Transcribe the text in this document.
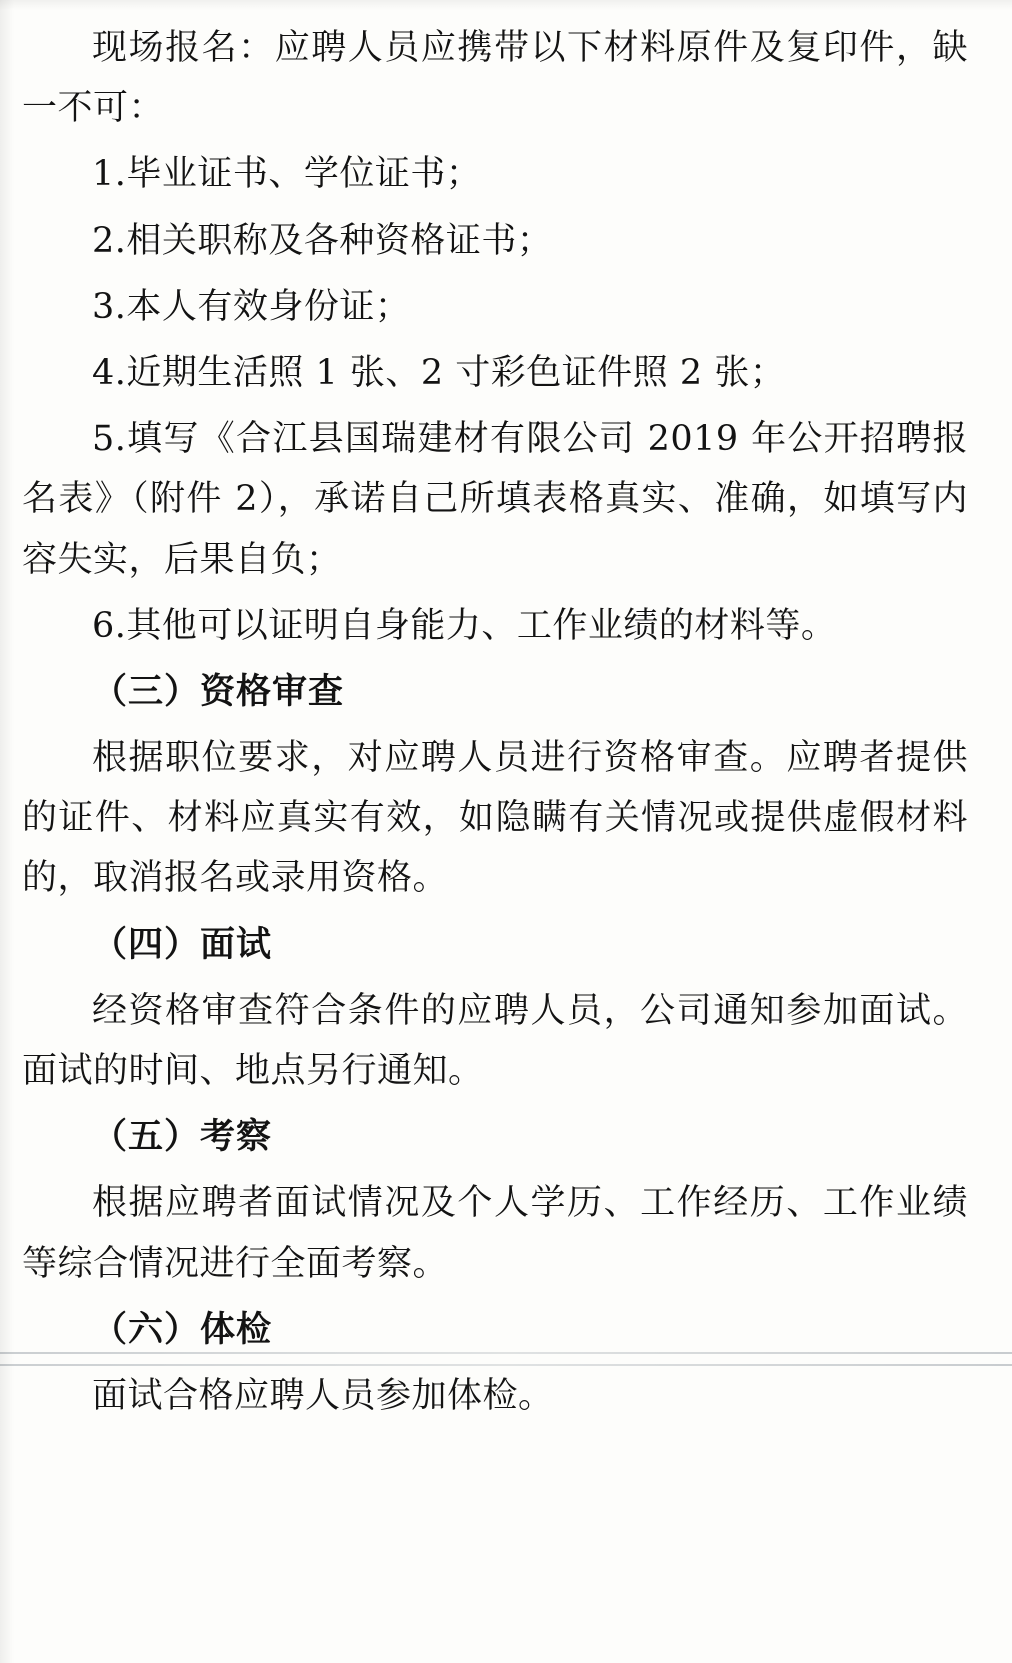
现场报名：应聘人员应携带以下材料原件及复印件，缺一不可：

1.毕业证书、学位证书；

2.相关职称及各种资格证书；

3.本人有效身份证；

4.近期生活照 1 张、2 寸彩色证件照 2 张；

5.填写《合江县国瑞建材有限公司 2019 年公开招聘报名表》（附件 2），承诺自己所填表格真实、准确，如填写内容失实，后果自负；

6.其他可以证明自身能力、工作业绩的材料等。

（三）资格审查

根据职位要求，对应聘人员进行资格审查。应聘者提供的证件、材料应真实有效，如隐瞒有关情况或提供虚假材料的，取消报名或录用资格。

（四）面试

经资格审查符合条件的应聘人员，公司通知参加面试。面试的时间、地点另行通知。

（五）考察

根据应聘者面试情况及个人学历、工作经历、工作业绩等综合情况进行全面考察。

（六）体检

面试合格应聘人员参加体检。
